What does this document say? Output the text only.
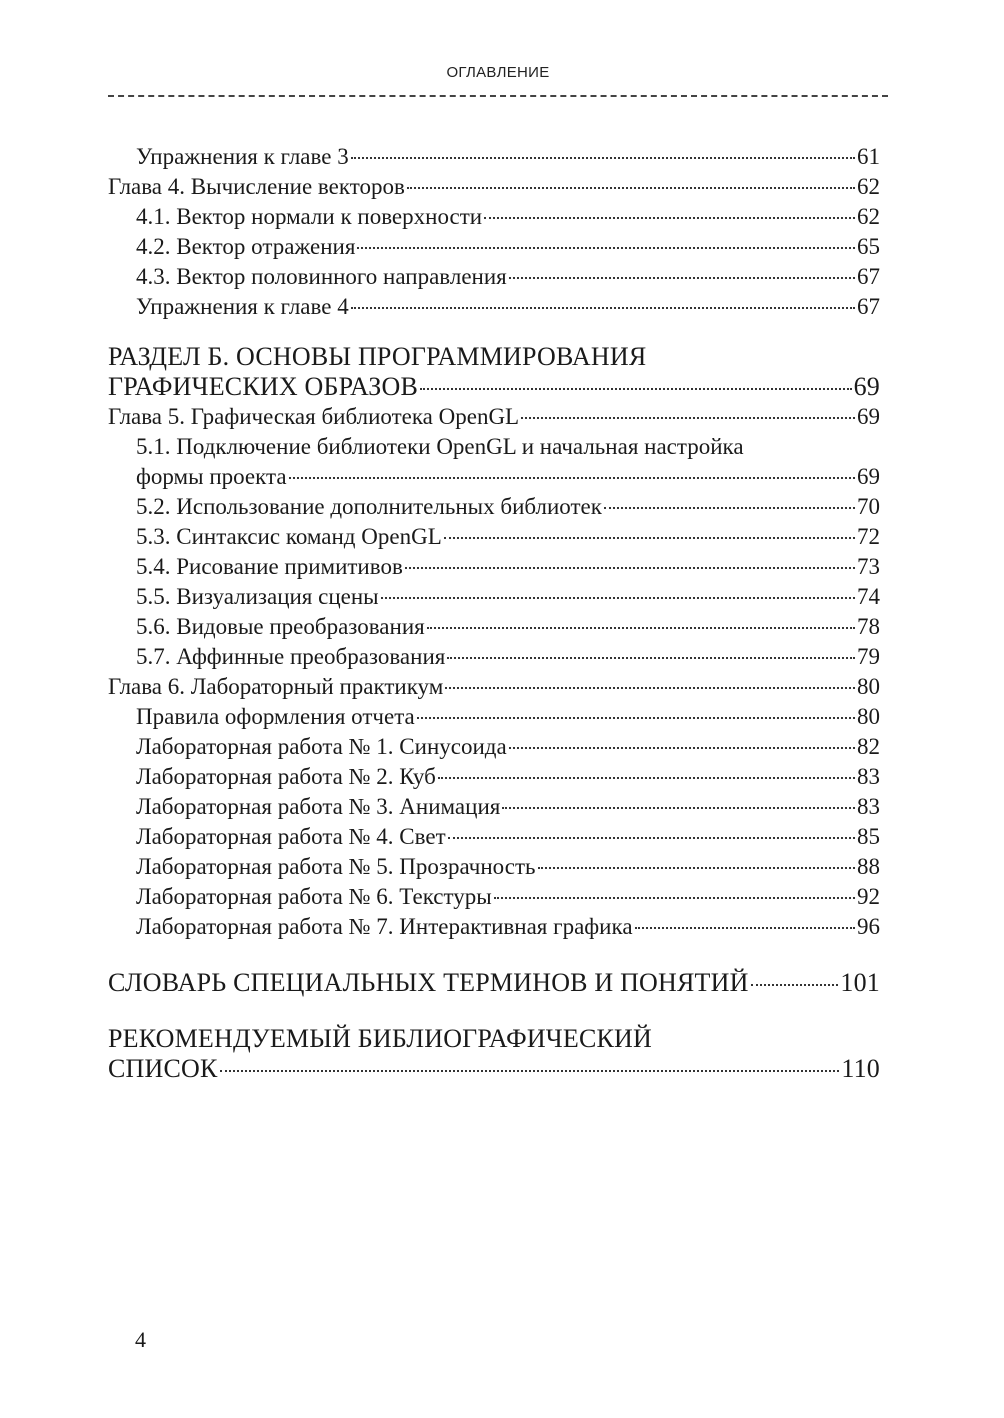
ОГЛАВЛЕНИЕ
Упражнения к главе 3	61
Глава 4. Вычисление векторов	62
4.1. Вектор нормали к поверхности	62
4.2. Вектор отражения	65
4.3. Вектор половинного направления	67
Упражнения к главе 4	67
РАЗДЕЛ Б. ОСНОВЫ ПРОГРАММИРОВАНИЯ
ГРАФИЧЕСКИХ ОБРАЗОВ	69
Глава 5. Графическая библиотека OpenGL	69
5.1. Подключение библиотеки OpenGL и начальная настройка
формы проекта	69
5.2. Использование дополнительных библиотек	70
5.3. Синтаксис команд OpenGL	72
5.4. Рисование примитивов	73
5.5. Визуализация сцены	74
5.6. Видовые преобразования	78
5.7. Аффинные преобразования	79
Глава 6. Лабораторный практикум	80
Правила оформления отчета	80
Лабораторная работа № 1. Синусоида	82
Лабораторная работа № 2. Куб	83
Лабораторная работа № 3. Анимация	83
Лабораторная работа № 4. Свет	85
Лабораторная работа № 5. Прозрачность	88
Лабораторная работа № 6. Текстуры	92
Лабораторная работа № 7. Интерактивная графика	96
СЛОВАРЬ СПЕЦИАЛЬНЫХ ТЕРМИНОВ И ПОНЯТИЙ	101
РЕКОМЕНДУЕМЫЙ БИБЛИОГРАФИЧЕСКИЙ
СПИСОК	110
4
